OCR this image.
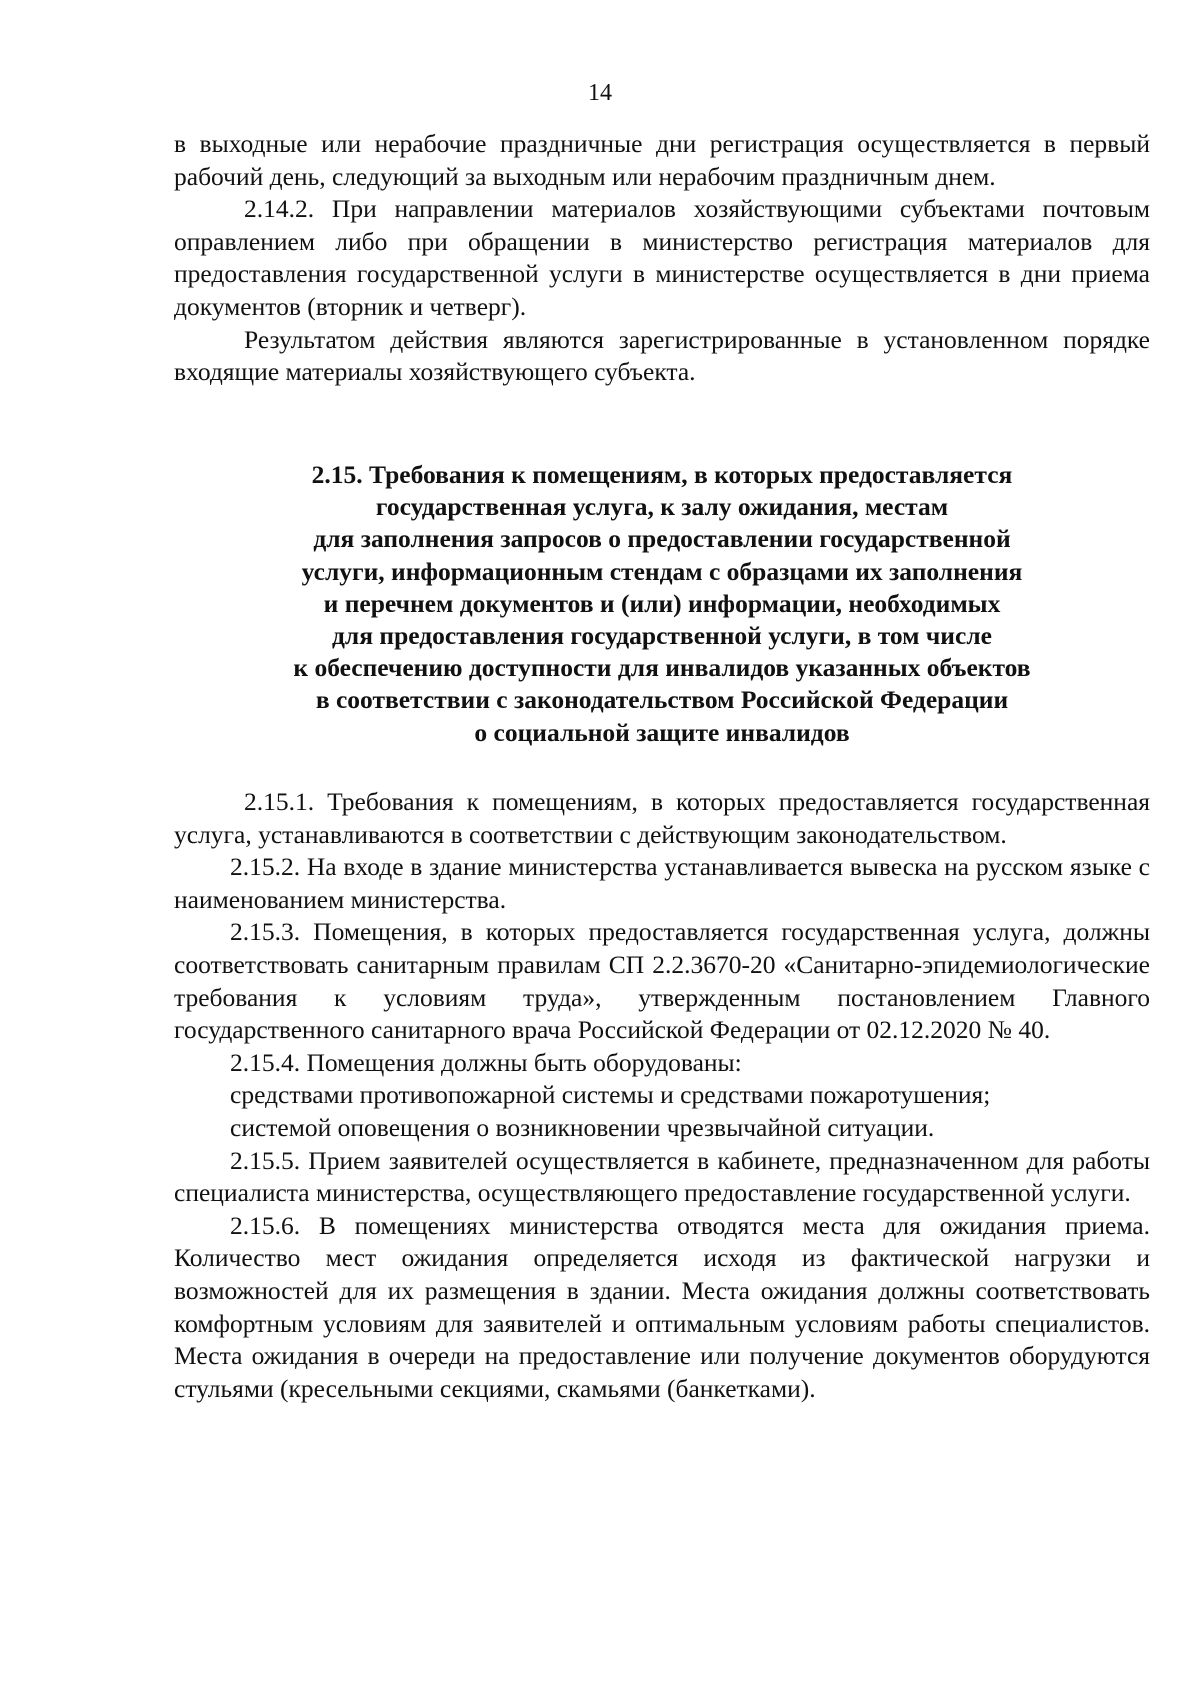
14

в выходные или нерабочие праздничные дни регистрация осуществляется в первый рабочий день, следующий за выходным или нерабочим праздничным днем.

2.14.2. При направлении материалов хозяйствующими субъектами почтовым оправлением либо при обращении в министерство регистрация материалов для предоставления государственной услуги в министерстве осуществляется в дни приема документов (вторник и четверг).

Результатом действия являются зарегистрированные в установленном порядке входящие материалы хозяйствующего субъекта.

2.15. Требования к помещениям, в которых предоставляется
государственная услуга, к залу ожидания, местам
для заполнения запросов о предоставлении государственной
услуги, информационным стендам с образцами их заполнения
и перечнем документов и (или) информации, необходимых
для предоставления государственной услуги, в том числе
к обеспечению доступности для инвалидов указанных объектов
в соответствии с законодательством Российской Федерации
о социальной защите инвалидов

2.15.1. Требования к помещениям, в которых предоставляется государственная услуга, устанавливаются в соответствии с действующим законодательством.

2.15.2. На входе в здание министерства устанавливается вывеска на русском языке с наименованием министерства.

2.15.3. Помещения, в которых предоставляется государственная услуга, должны соответствовать санитарным правилам СП 2.2.3670-20 «Санитарно-эпидемиологические требования к условиям труда», утвержденным постановлением Главного государственного санитарного врача Российской Федерации от 02.12.2020 № 40.

2.15.4. Помещения должны быть оборудованы:

средствами противопожарной системы и средствами пожаротушения;

системой оповещения о возникновении чрезвычайной ситуации.

2.15.5. Прием заявителей осуществляется в кабинете, предназначенном для работы специалиста министерства, осуществляющего предоставление государственной услуги.

2.15.6. В помещениях министерства отводятся места для ожидания приема. Количество мест ожидания определяется исходя из фактической нагрузки и возможностей для их размещения в здании. Места ожидания должны соответствовать комфортным условиям для заявителей и оптимальным условиям работы специалистов. Места ожидания в очереди на предоставление или получение документов оборудуются стульями (кресельными секциями, скамьями (банкетками).
